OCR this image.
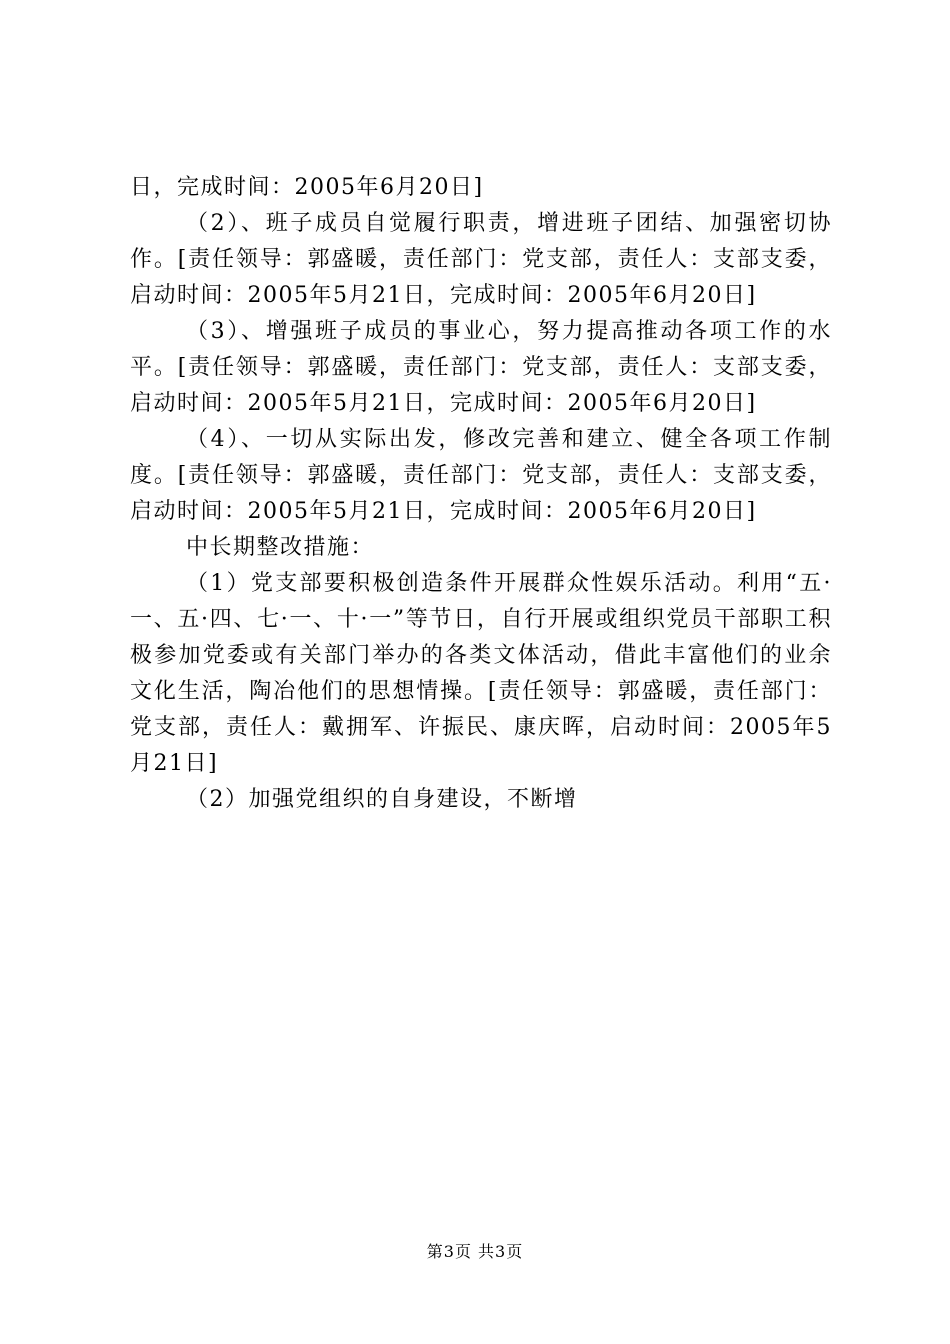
日，完成时间：2005年6月20日]

（2）、班子成员自觉履行职责，增进班子团结、加强密切协作。[责任领导：郭盛暖，责任部门：党支部，责任人：支部支委，启动时间：2005年5月21日，完成时间：2005年6月20日]

（3）、增强班子成员的事业心，努力提高推动各项工作的水平。[责任领导：郭盛暖，责任部门：党支部，责任人：支部支委，启动时间：2005年5月21日，完成时间：2005年6月20日]

（4）、一切从实际出发，修改完善和建立、健全各项工作制度。[责任领导：郭盛暖，责任部门：党支部，责任人：支部支委，启动时间：2005年5月21日，完成时间：2005年6月20日]

中长期整改措施：

（1）党支部要积极创造条件开展群众性娱乐活动。利用“五·一、五·四、七·一、十·一”等节日，自行开展或组织党员干部职工积极参加党委或有关部门举办的各类文体活动，借此丰富他们的业余文化生活，陶冶他们的思想情操。[责任领导：郭盛暖，责任部门：党支部，责任人：戴拥军、许振民、康庆晖，启动时间：2005年5月21日]

（2）加强党组织的自身建设，不断增

第3页 共3页
